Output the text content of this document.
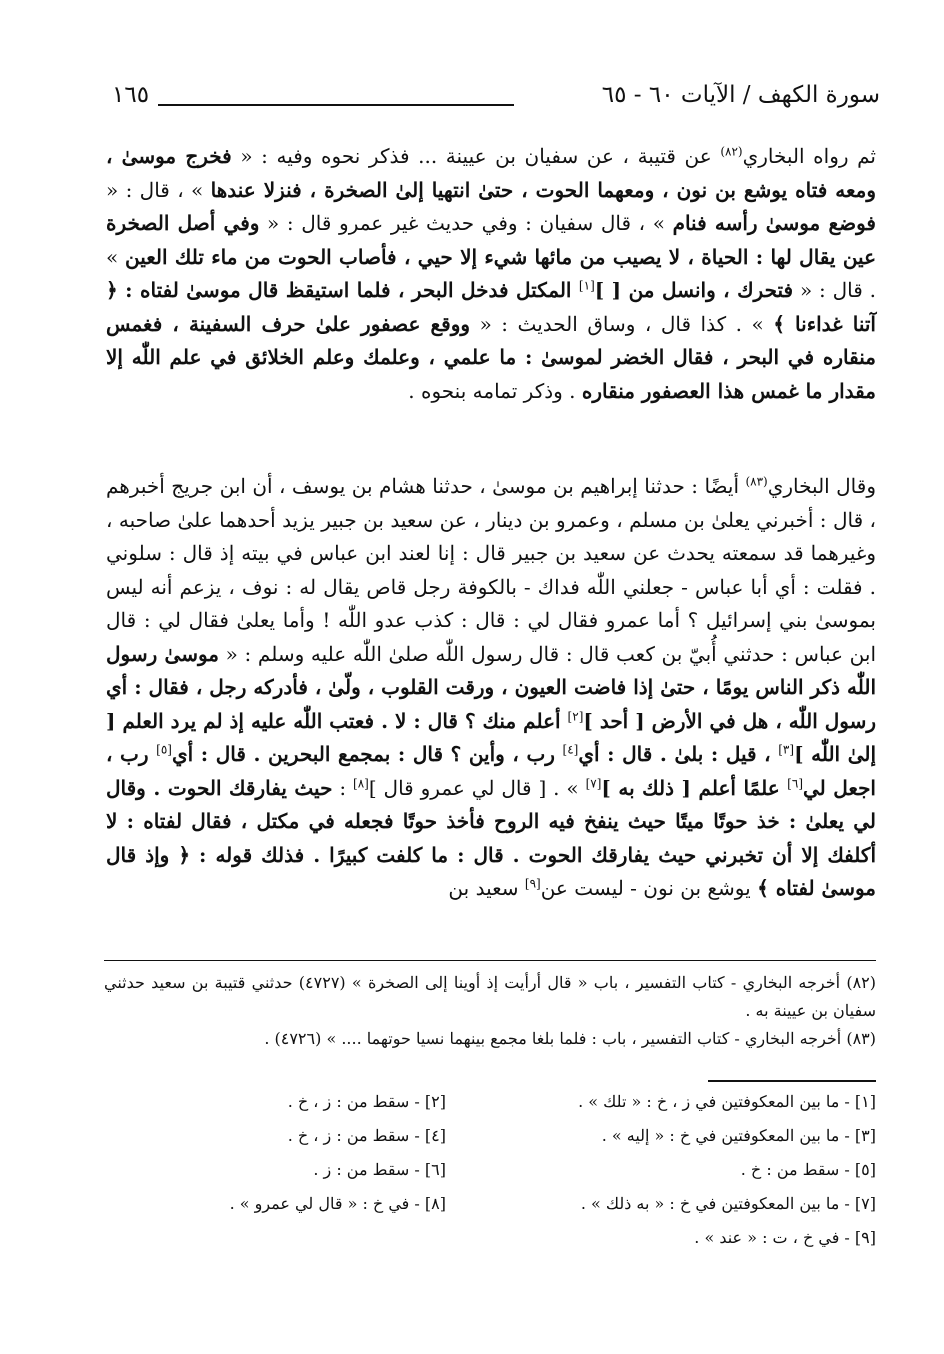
سورة الكهف / الآيات ٦٠ - ٦٥
١٦٥

ثم رواه البخاري$^{(٨٢)}$ عن قتيبة ، عن سفيان بن عيينة ... فذكر نحوه وفيه : « فخرج موسىٰ ، ومعه فتاه يوشع بن نون ، ومعهما الحوت ، حتىٰ انتهيا إلىٰ الصخرة ، فنزلا عندها » ، قال : « فوضع موسىٰ رأسه فنام » ، قال سفيان : وفي حديث غير عمرو قال : « وفي أصل الصخرة عين يقال لها : الحياة ، لا يصيب من مائها شيء إلا حيي ، فأصاب الحوت من ماء تلك العين » . قال : « فتحرك ، وانسل من [ ][١] المكتل فدخل البحر ، فلما استيقظ قال موسىٰ لفتاه : ﴿ آتنا غداءنا ﴾ » . كذا قال ، وساق الحديث : « ووقع عصفور علىٰ حرف السفينة ، فغمس منقاره في البحر ، فقال الخضر لموسىٰ : ما علمي ، وعلمك وعلم الخلائق في علم اللّٰه إلا مقدار ما غمس هذا العصفور منقاره . وذكر تمامه بنحوه .

وقال البخاري$^{(٨٣)}$ أيضًا : حدثنا إبراهيم بن موسىٰ ، حدثنا هشام بن يوسف ، أن ابن جريج أخبرهم ، قال : أخبرني يعلىٰ بن مسلم ، وعمرو بن دينار ، عن سعيد بن جبير يزيد أحدهما علىٰ صاحبه ، وغيرهما قد سمعته يحدث عن سعيد بن جبير قال : إنا لعند ابن عباس في بيته إذ قال : سلوني . فقلت : أي أبا عباس - جعلني اللّٰه فداك - بالكوفة رجل قاص يقال له : نوف ، يزعم أنه ليس بموسىٰ بني إسرائيل ؟ أما عمرو فقال لي : قال : كذب عدو اللّٰه ! وأما يعلىٰ فقال لي : قال ابن عباس : حدثني أُبيّ بن كعب قال : قال رسول اللّٰه صلىٰ اللّٰه عليه وسلم : « موسىٰ رسول اللّٰه ذكر الناس يومًا ، حتىٰ إذا فاضت العيون ، ورقت القلوب ، ولّىٰ ، فأدركه رجل ، فقال : أي رسول اللّٰه ، هل في الأرض [ أحد ][٢] أعلم منك ؟ قال : لا . فعتب اللّٰه عليه إذ لم يرد العلم [ إلىٰ اللّٰه ][٣] ، قيل : بلىٰ . قال : أي[٤] رب ، وأين ؟ قال : بمجمع البحرين . قال : أي[٥] رب ، اجعل لي[٦] علمًا أعلم [ ذلك به ][٧] » . [ قال لي عمرو قال ][٨] : حيث يفارقك الحوت . وقال لي يعلىٰ : خذ حوتًا ميتًا حيث ينفخ فيه الروح فأخذ حوتًا فجعله في مكتل ، فقال لفتاه : لا أكلفك إلا أن تخبرني حيث يفارقك الحوت . قال : ما كلفت كبيرًا . فذلك قوله : ﴿ وإذ قال موسىٰ لفتاه ﴾ يوشع بن نون - ليست عن[٩] سعيد بن

(٨٢) أخرجه البخاري - كتاب التفسير ، باب « قال أرأيت إذ أوينا إلى الصخرة » (٤٧٢٧) حدثني قتيبة بن سعيد حدثني سفيان بن عيينة به .

(٨٣) أخرجه البخاري - كتاب التفسير ، باب : فلما بلغا مجمع بينهما نسيا حوتهما .... » (٤٧٢٦) .

[١] - ما بين المعكوفتين في ز ، خ : « تلك » .
[٢] - سقط من : ز ، خ .
[٣] - ما بين المعكوفتين في خ : « إليه » .
[٤] - سقط من : ز ، خ .
[٥] - سقط من : خ .
[٦] - سقط من : ز .
[٧] - ما بين المعكوفتين في خ : « به ذلك » .
[٨] - في خ : « قال لي عمرو » .
[٩] - في خ ، ت : « عند » .
